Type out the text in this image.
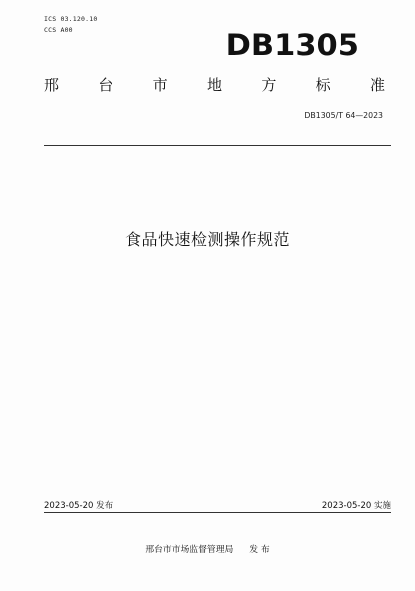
ICS 03.120.10
CCS A00	DB1305
邢	台	市	地	方	标	准
DB1305/T 64—2023
食品快速检测操作规范
2023-05-20 发布	2023-05-20 实施
邢台市市场监督管理局 发 布
